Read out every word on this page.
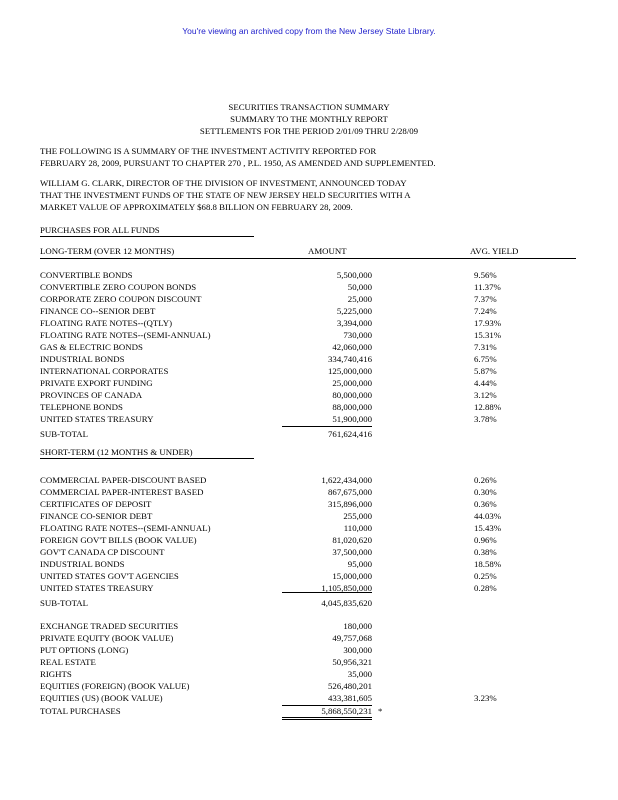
You're viewing an archived copy from the New Jersey State Library.
SECURITIES TRANSACTION SUMMARY
SUMMARY TO THE MONTHLY REPORT
SETTLEMENTS FOR THE PERIOD 2/01/09 THRU 2/28/09
THE FOLLOWING IS A SUMMARY OF THE INVESTMENT ACTIVITY REPORTED FOR
FEBRUARY 28, 2009, PURSUANT TO CHAPTER 270 , P.L. 1950, AS AMENDED AND SUPPLEMENTED.
WILLIAM G. CLARK, DIRECTOR OF THE DIVISION OF INVESTMENT, ANNOUNCED TODAY
THAT THE INVESTMENT FUNDS OF THE STATE OF NEW JERSEY HELD SECURITIES WITH A
MARKET VALUE OF APPROXIMATELY $68.8 BILLION ON FEBRUARY 28, 2009.
PURCHASES FOR ALL FUNDS
LONG-TERM (OVER 12 MONTHS)	AMOUNT	AVG. YIELD
CONVERTIBLE BONDS	5,500,000	9.56%
CONVERTIBLE ZERO COUPON BONDS	50,000	11.37%
CORPORATE ZERO COUPON DISCOUNT	25,000	7.37%
FINANCE CO--SENIOR DEBT	5,225,000	7.24%
FLOATING RATE NOTES--(QTLY)	3,394,000	17.93%
FLOATING RATE NOTES--(SEMI-ANNUAL)	730,000	15.31%
GAS & ELECTRIC BONDS	42,060,000	7.31%
INDUSTRIAL BONDS	334,740,416	6.75%
INTERNATIONAL CORPORATES	125,000,000	5.87%
PRIVATE EXPORT FUNDING	25,000,000	4.44%
PROVINCES OF CANADA	80,000,000	3.12%
TELEPHONE BONDS	88,000,000	12.88%
UNITED STATES TREASURY	51,900,000	3.78%
SUB-TOTAL	761,624,416
SHORT-TERM (12 MONTHS & UNDER)
COMMERCIAL PAPER-DISCOUNT BASED	1,622,434,000	0.26%
COMMERCIAL PAPER-INTEREST BASED	867,675,000	0.30%
CERTIFICATES OF DEPOSIT	315,896,000	0.36%
FINANCE CO-SENIOR DEBT	255,000	44.03%
FLOATING RATE NOTES--(SEMI-ANNUAL)	110,000	15.43%
FOREIGN GOV'T BILLS (BOOK VALUE)	81,020,620	0.96%
GOV'T CANADA CP DISCOUNT	37,500,000	0.38%
INDUSTRIAL BONDS	95,000	18.58%
UNITED STATES GOV'T AGENCIES	15,000,000	0.25%
UNITED STATES TREASURY	1,105,850,000	0.28%
SUB-TOTAL	4,045,835,620
EXCHANGE TRADED SECURITIES	180,000
PRIVATE EQUITY (BOOK VALUE)	49,757,068
PUT OPTIONS (LONG)	300,000
REAL ESTATE	50,956,321
RIGHTS	35,000
EQUITIES (FOREIGN) (BOOK VALUE)	526,480,201
EQUITIES (US) (BOOK VALUE)	433,381,605	3.23%
TOTAL PURCHASES	5,868,550,231 *
